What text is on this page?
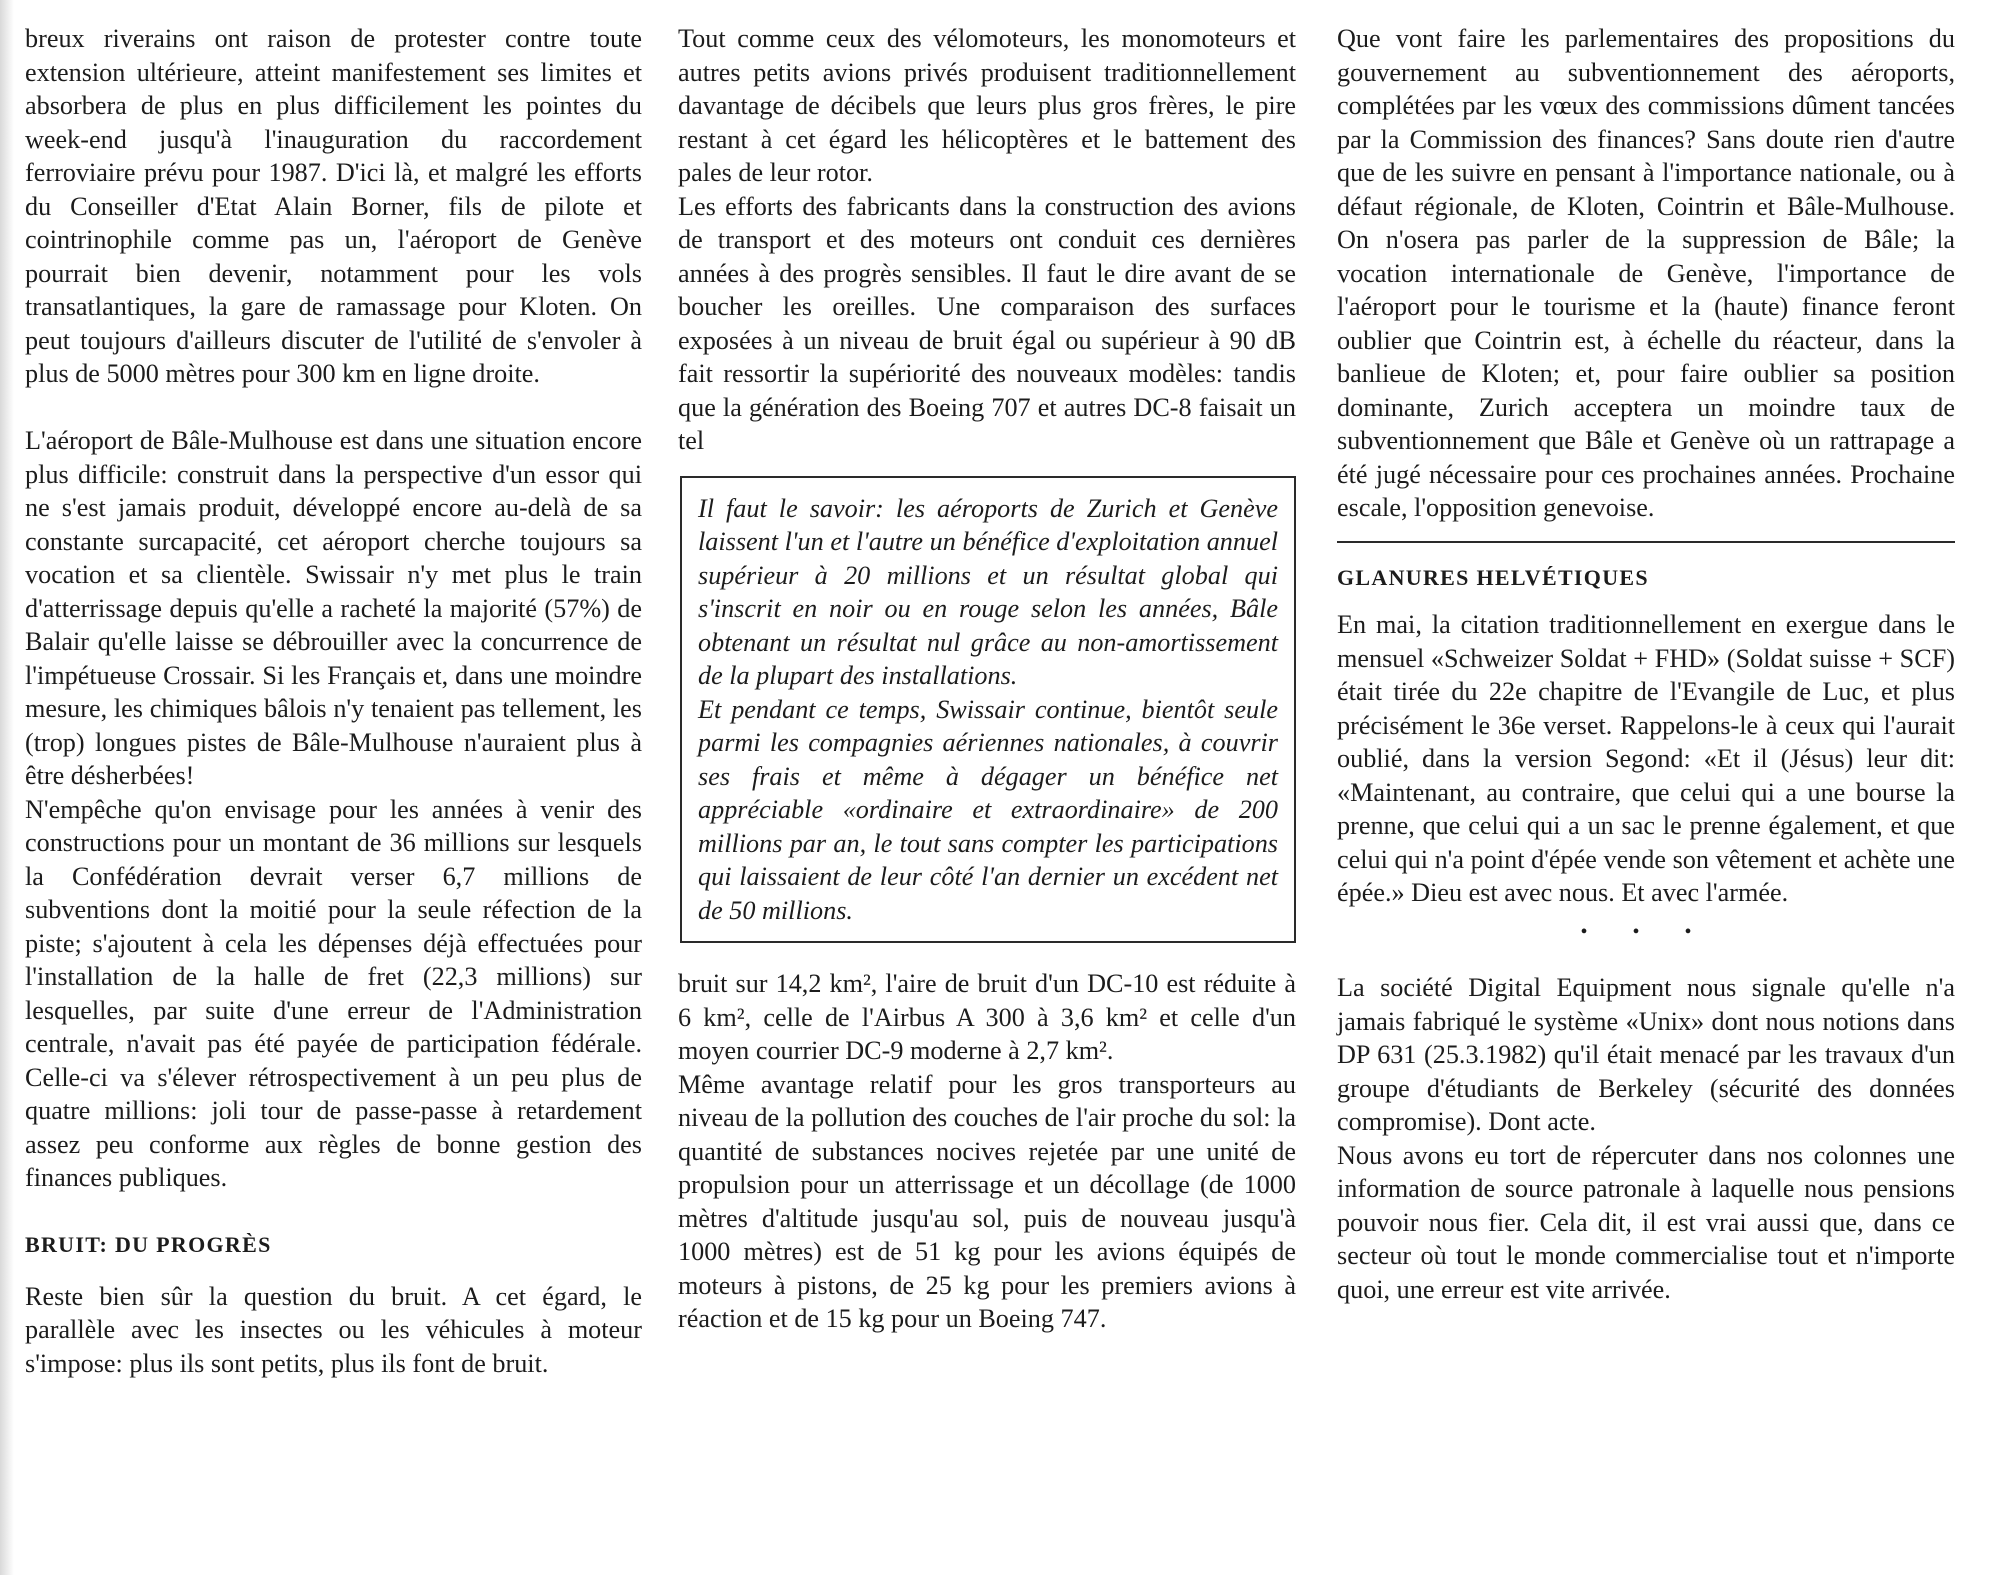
breux riverains ont raison de protester contre toute extension ultérieure, atteint manifestement ses limites et absorbera de plus en plus difficilement les pointes du week-end jusqu'à l'inauguration du raccordement ferroviaire prévu pour 1987. D'ici là, et malgré les efforts du Conseiller d'Etat Alain Borner, fils de pilote et cointrinophile comme pas un, l'aéroport de Genève pourrait bien devenir, notamment pour les vols transatlantiques, la gare de ramassage pour Kloten. On peut toujours d'ailleurs discuter de l'utilité de s'envoler à plus de 5000 mètres pour 300 km en ligne droite.

L'aéroport de Bâle-Mulhouse est dans une situation encore plus difficile: construit dans la perspective d'un essor qui ne s'est jamais produit, développé encore au-delà de sa constante surcapacité, cet aéroport cherche toujours sa vocation et sa clientèle. Swissair n'y met plus le train d'atterrissage depuis qu'elle a racheté la majorité (57%) de Balair qu'elle laisse se débrouiller avec la concurrence de l'impétueuse Crossair. Si les Français et, dans une moindre mesure, les chimiques bâlois n'y tenaient pas tellement, les (trop) longues pistes de Bâle-Mulhouse n'auraient plus à être désherbées!

N'empêche qu'on envisage pour les années à venir des constructions pour un montant de 36 millions sur lesquels la Confédération devrait verser 6,7 millions de subventions dont la moitié pour la seule réfection de la piste; s'ajoutent à cela les dépenses déjà effectuées pour l'installation de la halle de fret (22,3 millions) sur lesquelles, par suite d'une erreur de l'Administration centrale, n'avait pas été payée de participation fédérale. Celle-ci va s'élever rétrospectivement à un peu plus de quatre millions: joli tour de passe-passe à retardement assez peu conforme aux règles de bonne gestion des finances publiques.

BRUIT: DU PROGRÈS

Reste bien sûr la question du bruit. A cet égard, le parallèle avec les insectes ou les véhicules à moteur s'impose: plus ils sont petits, plus ils font de bruit.

Tout comme ceux des vélomoteurs, les monomoteurs et autres petits avions privés produisent traditionnellement davantage de décibels que leurs plus gros frères, le pire restant à cet égard les hélicoptères et le battement des pales de leur rotor.

Les efforts des fabricants dans la construction des avions de transport et des moteurs ont conduit ces dernières années à des progrès sensibles. Il faut le dire avant de se boucher les oreilles. Une comparaison des surfaces exposées à un niveau de bruit égal ou supérieur à 90 dB fait ressortir la supériorité des nouveaux modèles: tandis que la génération des Boeing 707 et autres DC-8 faisait un tel

Il faut le savoir: les aéroports de Zurich et Genève laissent l'un et l'autre un bénéfice d'exploitation annuel supérieur à 20 millions et un résultat global qui s'inscrit en noir ou en rouge selon les années, Bâle obtenant un résultat nul grâce au non-amortissement de la plupart des installations.

Et pendant ce temps, Swissair continue, bientôt seule parmi les compagnies aériennes nationales, à couvrir ses frais et même à dégager un bénéfice net appréciable «ordinaire et extraordinaire» de 200 millions par an, le tout sans compter les participations qui laissaient de leur côté l'an dernier un excédent net de 50 millions.

bruit sur 14,2 km², l'aire de bruit d'un DC-10 est réduite à 6 km², celle de l'Airbus A 300 à 3,6 km² et celle d'un moyen courrier DC-9 moderne à 2,7 km².

Même avantage relatif pour les gros transporteurs au niveau de la pollution des couches de l'air proche du sol: la quantité de substances nocives rejetée par une unité de propulsion pour un atterrissage et un décollage (de 1000 mètres d'altitude jusqu'au sol, puis de nouveau jusqu'à 1000 mètres) est de 51 kg pour les avions équipés de moteurs à pistons, de 25 kg pour les premiers avions à réaction et de 15 kg pour un Boeing 747.

Que vont faire les parlementaires des propositions du gouvernement au subventionnement des aéroports, complétées par les vœux des commissions dûment tancées par la Commission des finances? Sans doute rien d'autre que de les suivre en pensant à l'importance nationale, ou à défaut régionale, de Kloten, Cointrin et Bâle-Mulhouse. On n'osera pas parler de la suppression de Bâle; la vocation internationale de Genève, l'importance de l'aéroport pour le tourisme et la (haute) finance feront oublier que Cointrin est, à échelle du réacteur, dans la banlieue de Kloten; et, pour faire oublier sa position dominante, Zurich acceptera un moindre taux de subventionnement que Bâle et Genève où un rattrapage a été jugé nécessaire pour ces prochaines années. Prochaine escale, l'opposition genevoise.

GLANURES HELVÉTIQUES

En mai, la citation traditionnellement en exergue dans le mensuel «Schweizer Soldat + FHD» (Soldat suisse + SCF) était tirée du 22e chapitre de l'Evangile de Luc, et plus précisément le 36e verset. Rappelons-le à ceux qui l'aurait oublié, dans la version Segond: «Et il (Jésus) leur dit: «Maintenant, au contraire, que celui qui a une bourse la prenne, que celui qui a un sac le prenne également, et que celui qui n'a point d'épée vende son vêtement et achète une épée.» Dieu est avec nous. Et avec l'armée.

• • •

La société Digital Equipment nous signale qu'elle n'a jamais fabriqué le système «Unix» dont nous notions dans DP 631 (25.3.1982) qu'il était menacé par les travaux d'un groupe d'étudiants de Berkeley (sécurité des données compromise). Dont acte.

Nous avons eu tort de répercuter dans nos colonnes une information de source patronale à laquelle nous pensions pouvoir nous fier. Cela dit, il est vrai aussi que, dans ce secteur où tout le monde commercialise tout et n'importe quoi, une erreur est vite arrivée.
